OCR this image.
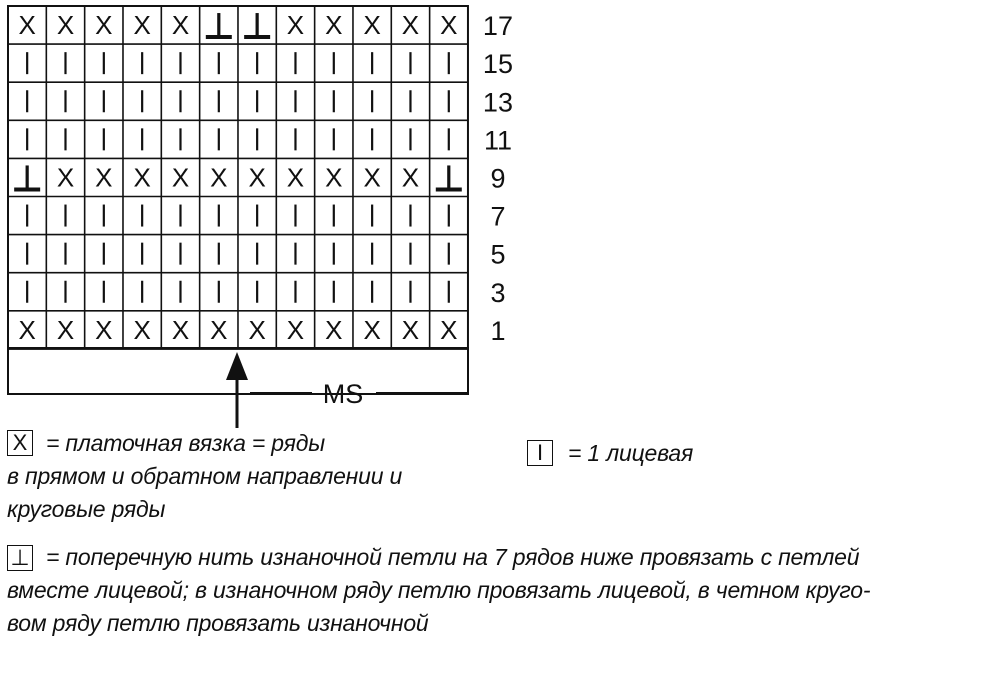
X X X X X	X X X X X
X X X X X X X X X X
X X X X X X X X X X X X
17
15
13
11
9
7
5
3
1
MS
X = платочная вязка = ряды
в прямом и обратном направлении и
круговые ряды
I = 1 лицевая
⊥ = поперечную нить изнаночной петли на 7 рядов ниже провязать с петлей
вместе лицевой; в изнаночном ряду петлю провязать лицевой, в четном круго-
вом ряду петлю провязать изнаночной
